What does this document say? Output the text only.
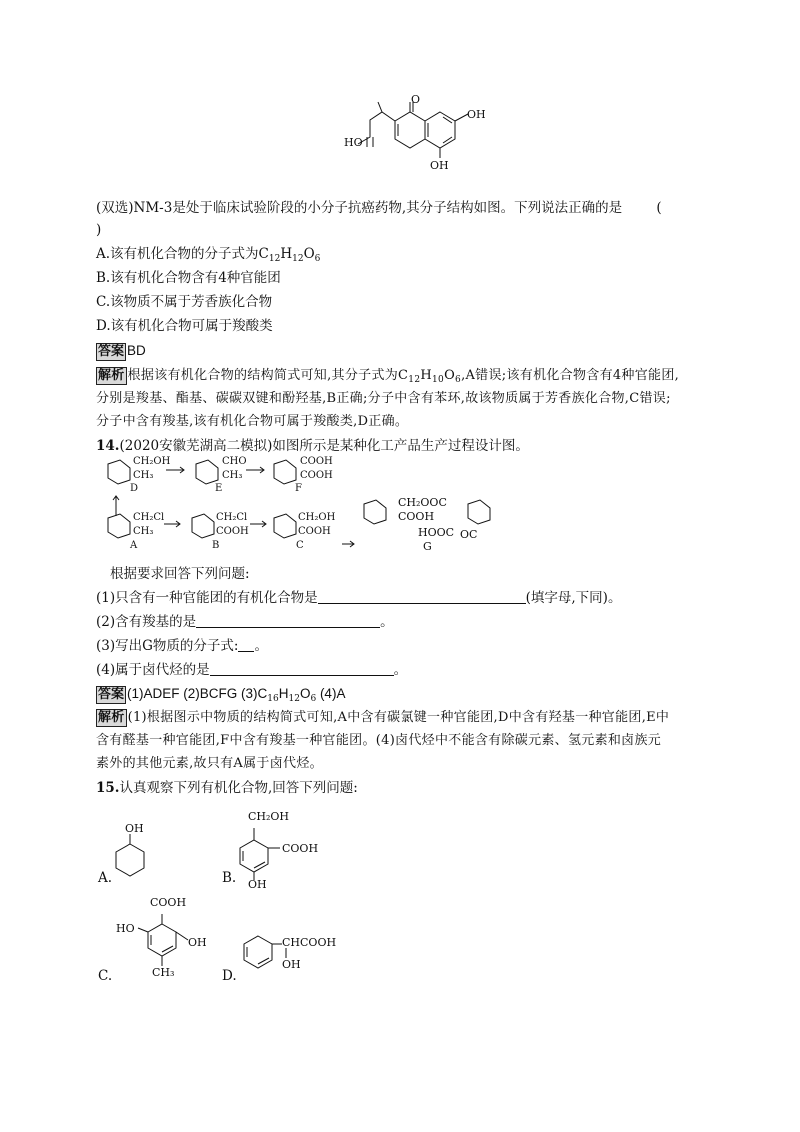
O
OH
OH
HO

(双选)NM-3是处于临床试验阶段的小分子抗癌药物,其分子结构如图。下列说法正确的是	(

)

A.该有机化合物的分子式为$C_{12}H_{12}O_6$

B.该有机化合物含有4种官能团

C.该物质不属于芳香族化合物

D.该有机化合物可属于羧酸类

答案 BD

解析 根据该有机化合物的结构简式可知,其分子式为$C_{12}H_{10}O_6,A$错误;该有机化合物含有4种官能团,

分别是羧基、酯基、碳碳双键和酚羟基,B正确;分子中含有苯环,故该物质属于芳香族化合物,C错误;

分子中含有羧基,该有机化合物可属于羧酸类,D正确。

14.(2020安徽芜湖高二模拟)如图所示是某种化工产品生产过程设计图。

CH₂OH
CH₃
D
CHO
CH₃
E
COOH
COOH
F
CH₂Cl
CH₃
A
CH₂Cl
COOH
B
CH₂OH
COOH
C
CH₂OOC
COOH
HOOC OC
G

根据要求回答下列问题:

(1)只含有一种官能团的有机化合物是	(填字母,下同)。

(2)含有羧基的是	。

(3)写出G物质的分子式: 。

(4)属于卤代烃的是	。

答案 (1)ADEF (2)BCFG $(3)C_{16}H_{12}O_6$ (4)A

解析 (1)根据图示中物质的结构简式可知,A中含有碳氯键一种官能团,D中含有羟基一种官能团,E中

含有醛基一种官能团,F中含有羧基一种官能团。(4)卤代烃中不能含有除碳元素、氢元素和卤族元

素外的其他元素,故只有A属于卤代烃。

15.认真观察下列有机化合物,回答下列问题:

A.

OH

B.

CH₂OH
COOH
OH

C.

COOH
HO
OH
CH₃	D.

CHCOOH
OH
